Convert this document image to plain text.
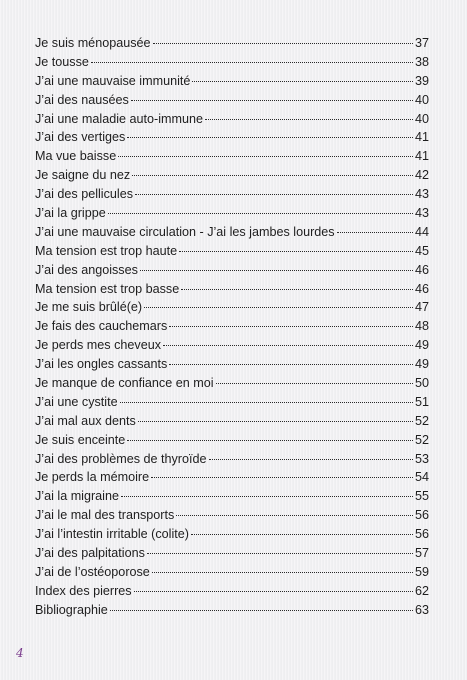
Je suis ménopausée	37
Je tousse	38
J’ai une mauvaise immunité	39
J’ai des nausées	40
J’ai une maladie auto-immune	40
J’ai des vertiges	41
Ma vue baisse	41
Je saigne du nez	42
J’ai des pellicules	43
J’ai la grippe	43
J’ai une mauvaise circulation - J’ai les jambes lourdes	44
Ma tension est trop haute	45
J’ai des angoisses	46
Ma tension est trop basse	46
Je me suis brûlé(e)	47
Je fais des cauchemars	48
Je perds mes cheveux	49
J’ai les ongles cassants	49
Je manque de confiance en moi	50
J’ai une cystite	51
J’ai mal aux dents	52
Je suis enceinte	52
J’ai des problèmes de thyroïde	53
Je perds la mémoire	54
J’ai la migraine	55
J’ai le mal des transports	56
J’ai l’intestin irritable (colite)	56
J’ai des palpitations	57
J’ai de l’ostéoporose	59
Index des pierres	62
Bibliographie	63
4
